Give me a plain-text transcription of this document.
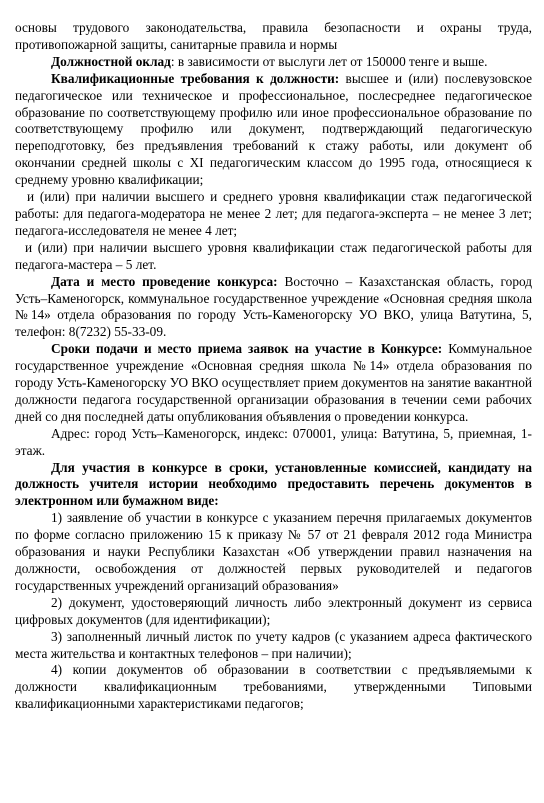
основы трудового законодательства, правила безопасности и охраны труда, противопожарной защиты, санитарные правила и нормы

Должностной оклад: в зависимости от выслуги лет от 150000 тенге и выше.

Квалификационные требования к должности: высшее и (или) послевузовское педагогическое или техническое и профессиональное, послесреднее педагогическое образование по соответствующему профилю или иное профессиональное образование по соответствующему профилю или документ, подтверждающий педагогическую переподготовку, без предъявления требований к стажу работы, или документ об окончании средней школы с XI педагогическим классом до 1995 года, относящиеся к среднему уровню квалификации;

и (или) при наличии высшего и среднего уровня квалификации стаж педагогической работы: для педагога-модератора не менее 2 лет; для педагога-эксперта – не менее 3 лет; педагога-исследователя не менее 4 лет;

и (или) при наличии высшего уровня квалификации стаж педагогической работы для педагога-мастера – 5 лет.

Дата и место проведение конкурса: Восточно – Казахстанская область, город Усть–Каменогорск, коммунальное государственное учреждение «Основная средняя школа №14» отдела образования по городу Усть-Каменогорску УО ВКО, улица Ватутина, 5, телефон: 8(7232) 55-33-09.

Сроки подачи и место приема заявок на участие в Конкурсе: Коммунальное государственное учреждение «Основная средняя школа №14» отдела образования по городу Усть-Каменогорску УО ВКО осуществляет прием документов на занятие вакантной должности педагога государственной организации образования в течении семи рабочих дней со дня последней даты опубликования объявления о проведении конкурса.

Адрес: город Усть–Каменогорск, индекс: 070001, улица: Ватутина, 5, приемная, 1- этаж.

Для участия в конкурсе в сроки, установленные комиссией, кандидату на должность учителя истории необходимо предоставить перечень документов в электронном или бумажном виде:

1) заявление об участии в конкурсе с указанием перечня прилагаемых документов по форме согласно приложению 15 к приказу № 57 от 21 февраля 2012 года Министра образования и науки Республики Казахстан «Об утверждении правил назначения на должности, освобождения от должностей первых руководителей и педагогов государственных учреждений организаций образования»

2) документ, удостоверяющий личность либо электронный документ из сервиса цифровых документов (для идентификации);

3) заполненный личный листок по учету кадров (с указанием адреса фактического места жительства и контактных телефонов – при наличии);

4) копии документов об образовании в соответствии с предъявляемыми к должности квалификационным требованиями, утвержденными Типовыми квалификационными характеристиками педагогов;
